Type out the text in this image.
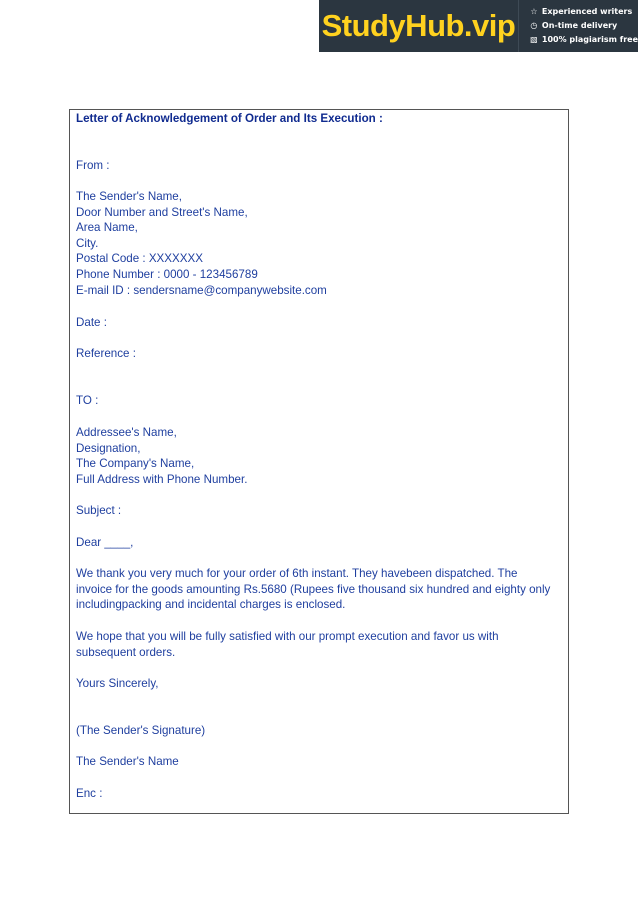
StudyHub.vip	☆ Experienced writers
◷ On-time delivery
▧ 100% plagiarism free

Letter of Acknowledgement of Order and Its Execution :

From :

The Sender's Name,

Door Number and Street's Name,

Area Name,

City.

Postal Code : XXXXXXX

Phone Number : 0000 - 123456789

E-mail ID : sendersname@companywebsite.com

Date :

Reference :

TO :

Addressee's Name,

Designation,

The Company's Name,

Full Address with Phone Number.

Subject :

Dear ____,

We thank you very much for your order of 6th instant. They havebeen dispatched. The

invoice for the goods amounting Rs.5680 (Rupees five thousand six hundred and eighty only

includingpacking and incidental charges is enclosed.

We hope that you will be fully satisfied with our prompt execution and favor us with

subsequent orders.

Yours Sincerely,

(The Sender's Signature)

The Sender's Name

Enc :
